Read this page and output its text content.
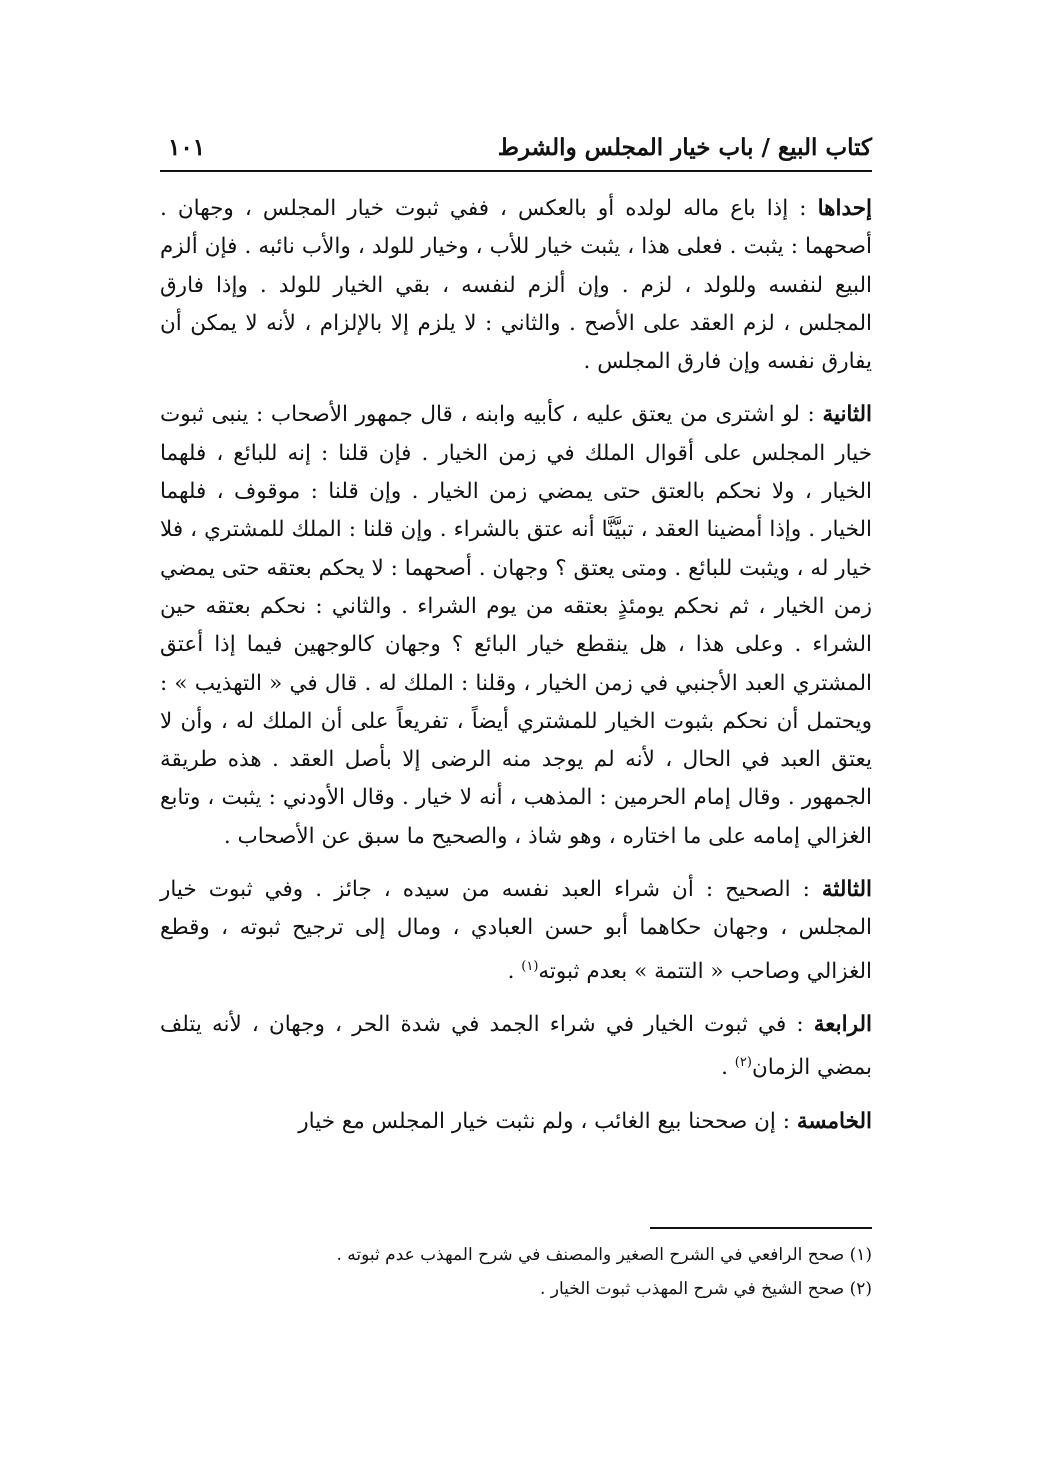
كتاب البيع / باب خيار المجلس والشرط
١٠١

إحداها : إذا باع ماله لولده أو بالعكس ، ففي ثبوت خيار المجلس ، وجهان . أصحهما : يثبت . فعلى هذا ، يثبت خيار للأب ، وخيار للولد ، والأب نائبه . فإن ألزم البيع لنفسه وللولد ، لزم . وإن ألزم لنفسه ، بقي الخيار للولد . وإذا فارق المجلس ، لزم العقد على الأصح . والثاني : لا يلزم إلا بالإلزام ، لأنه لا يمكن أن يفارق نفسه وإن فارق المجلس .

الثانية : لو اشترى من يعتق عليه ، كأبيه وابنه ، قال جمهور الأصحاب : ينبى ثبوت خيار المجلس على أقوال الملك في زمن الخيار . فإن قلنا : إنه للبائع ، فلهما الخيار ، ولا نحكم بالعتق حتى يمضي زمن الخيار . وإن قلنا : موقوف ، فلهما الخيار . وإذا أمضينا العقد ، تبيَّنَّا أنه عتق بالشراء . وإن قلنا : الملك للمشتري ، فلا خيار له ، ويثبت للبائع . ومتى يعتق ؟ وجهان . أصحهما : لا يحكم بعتقه حتى يمضي زمن الخيار ، ثم نحكم يومئذٍ بعتقه من يوم الشراء . والثاني : نحكم بعتقه حين الشراء . وعلى هذا ، هل ينقطع خيار البائع ؟ وجهان كالوجهين فيما إذا أعتق المشتري العبد الأجنبي في زمن الخيار ، وقلنا : الملك له . قال في « التهذيب » : ويحتمل أن نحكم بثبوت الخيار للمشتري أيضاً ، تفريعاً على أن الملك له ، وأن لا يعتق العبد في الحال ، لأنه لم يوجد منه الرضى إلا بأصل العقد . هذه طريقة الجمهور . وقال إمام الحرمين : المذهب ، أنه لا خيار . وقال الأودني : يثبت ، وتابع الغزالي إمامه على ما اختاره ، وهو شاذ ، والصحيح ما سبق عن الأصحاب .

الثالثة : الصحيح : أن شراء العبد نفسه من سيده ، جائز . وفي ثبوت خيار المجلس ، وجهان حكاهما أبو حسن العبادي ، ومال إلى ترجيح ثبوته ، وقطع الغزالي وصاحب « التتمة » بعدم ثبوته$^{(١)}$ .

الرابعة : في ثبوت الخيار في شراء الجمد في شدة الحر ، وجهان ، لأنه يتلف بمضي الزمان$^{(٢)}$ .

الخامسة : إن صححنا بيع الغائب ، ولم نثبت خيار المجلس مع خيار

(١) صحح الرافعي في الشرح الصغير والمصنف في شرح المهذب عدم ثبوته .
(٢) صحح الشيخ في شرح المهذب ثبوت الخيار .
